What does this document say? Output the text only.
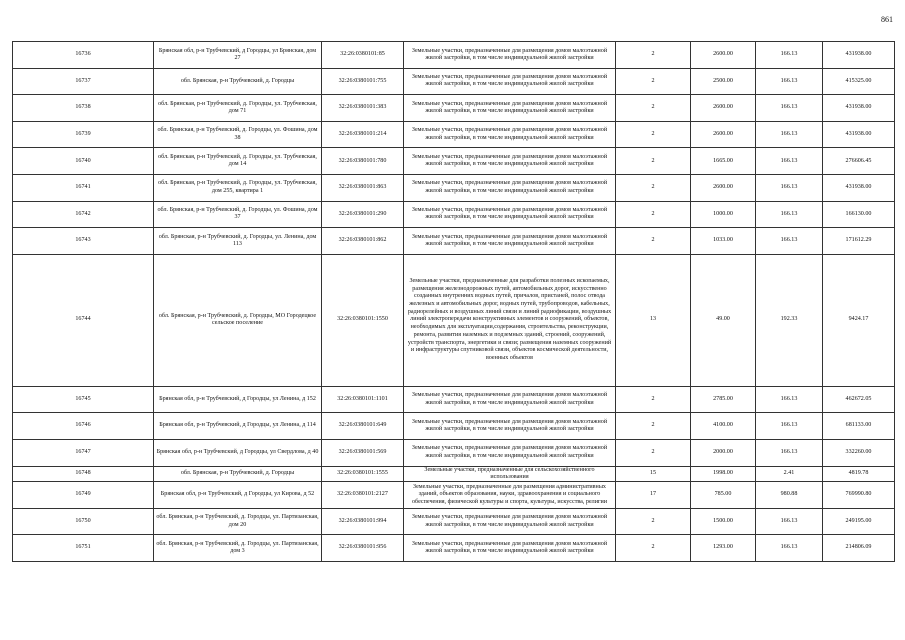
861
16736	Брянская обл, р-н Трубчевский, д Городцы, ул Брянская, дом 27	32:26:0380101:85	Земельные участки, предназначенные для размещения домов малоэтажной жилой застройки, в том числе индивидуальной жилой застройки	2	2600.00	166.13	431938.00
16737	обл. Брянская, р-н Трубчевский, д. Городцы	32:26:0380101:755	Земельные участки, предназначенные для размещения домов малоэтажной жилой застройки, в том числе индивидуальной жилой застройки	2	2500.00	166.13	415325.00
16738	обл. Брянская, р-н Трубчевский, д. Городцы, ул. Трубчевская, дом 71	32:26:0380101:383	Земельные участки, предназначенные для размещения домов малоэтажной жилой застройки, в том числе индивидуальной жилой застройки	2	2600.00	166.13	431938.00
16739	обл. Брянская, р-н Трубчевский, д. Городцы, ул. Фошина, дом 38	32:26:0380101:214	Земельные участки, предназначенные для размещения домов малоэтажной жилой застройки, в том числе индивидуальной жилой застройки	2	2600.00	166.13	431938.00
16740	обл. Брянская, р-н Трубчевский, д. Городцы, ул. Трубчевская, дом 14	32:26:0380101:780	Земельные участки, предназначенные для размещения домов малоэтажной жилой застройки, в том числе индивидуальной жилой застройки	2	1665.00	166.13	276606.45
16741	обл. Брянская, р-н Трубчевский, д. Городцы, ул. Трубчевская, дом 255, квартира 1	32:26:0380101:863	Земельные участки, предназначенные для размещения домов малоэтажной жилой застройки, в том числе индивидуальной жилой застройки	2	2600.00	166.13	431938.00
16742	обл. Брянская, р-н Трубчевский, д. Городцы, ул. Фошина, дом 37	32:26:0380101:290	Земельные участки, предназначенные для размещения домов малоэтажной жилой застройки, в том числе индивидуальной жилой застройки	2	1000.00	166.13	166130.00
16743	обл. Брянская, р-н Трубчевский, д. Городцы, ул. Ленина, дом 113	32:26:0380101:862	Земельные участки, предназначенные для размещения домов малоэтажной жилой застройки, в том числе индивидуальной жилой застройки	2	1033.00	166.13	171612.29
16744	обл. Брянская, р-н Трубчевский, д. Городцы, МО Городецкое сельское поселение	32:26:0380101:1550	Земельные участки, предназначенные для разработки полезных ископаемых, размещения железнодорожных путей, автомобильных дорог, искусственно созданных внутренних водных путей, причалов, пристаней, полос отвода железных и автомобильных дорог, водных путей, трубопроводов, кабельных, радиорелейных и воздушных линий связи и линий радиофикации, воздушных линий электропередачи конструктивных элементов и сооружений, объектов, необходимых для эксплуатации,содержания, строительства, реконструкции, ремонта, развития наземных и подземных зданий, строений, сооружений, устройств транспорта, энергетики и связи; размещения наземных сооружений и инфраструктуры спутниковой связи, объектов космической деятельности, военных объектов	13	49.00	192.33	9424.17
16745	Брянская обл, р-н Трубчевский, д Городцы, ул Ленина, д 152	32:26:0380101:1101	Земельные участки, предназначенные для размещения домов малоэтажной жилой застройки, в том числе индивидуальной жилой застройки	2	2785.00	166.13	462672.05
16746	Брянская обл, р-н Трубчевский, д Городцы, ул Ленина, д 114	32:26:0380101:649	Земельные участки, предназначенные для размещения домов малоэтажной жилой застройки, в том числе индивидуальной жилой застройки	2	4100.00	166.13	681133.00
16747	Брянская обл, р-н Трубчевский, д Городцы, ул Свердлова, д 40	32:26:0380101:569	Земельные участки, предназначенные для размещения домов малоэтажной жилой застройки, в том числе индивидуальной жилой застройки	2	2000.00	166.13	332260.00
16748	обл. Брянская, р-н Трубчевский, д. Городцы	32:26:0380101:1555	Земельные участки, предназначенные для сельскохозяйственного использования	15	1998.00	2.41	4819.78
16749	Брянская обл, р-н Трубчевский, д Городцы, ул Кирова, д 52	32:26:0380101:2127	Земельные участки, предназначенные для размещения административных зданий, объектов образования, науки, здравоохранения и социального обеспечения, физической культуры и спорта, культуры, искусства, религии	17	785.00	980.88	769990.80
16750	обл. Брянская, р-н Трубчевский, д. Городцы, ул. Партизанская, дом 20	32:26:0380101:994	Земельные участки, предназначенные для размещения домов малоэтажной жилой застройки, в том числе индивидуальной жилой застройки	2	1500.00	166.13	249195.00
16751	обл. Брянская, р-н Трубчевский, д. Городцы, ул. Партизанская, дом 3	32:26:0380101:956	Земельные участки, предназначенные для размещения домов малоэтажной жилой застройки, в том числе индивидуальной жилой застройки	2	1293.00	166.13	214806.09
